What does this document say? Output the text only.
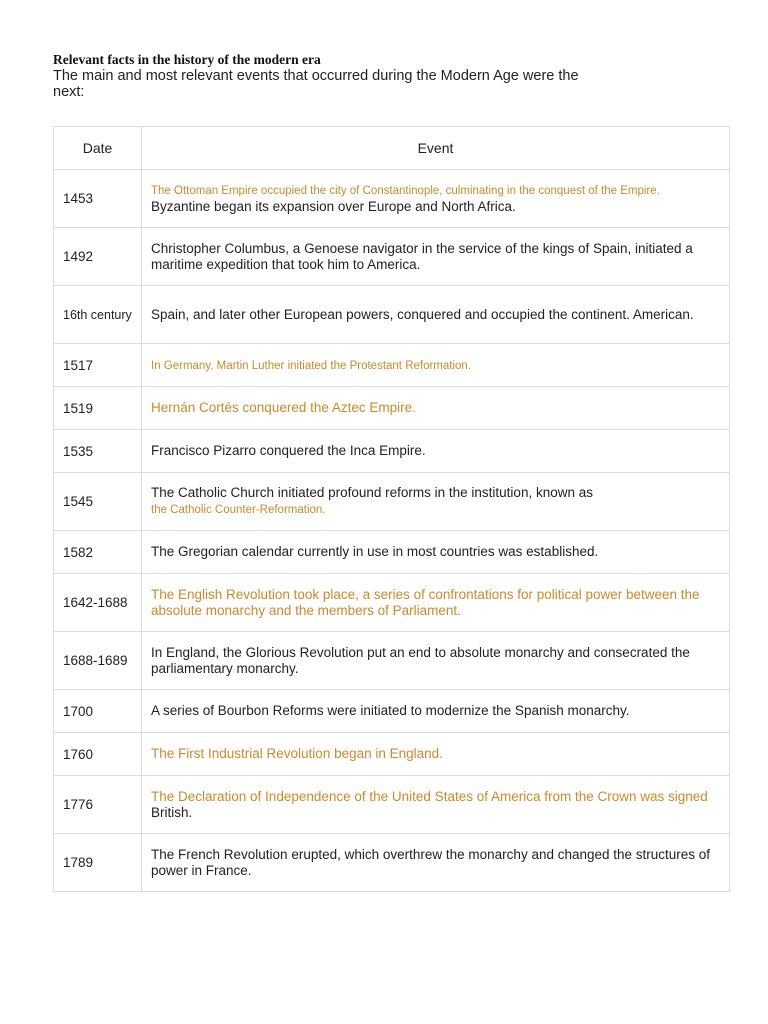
Relevant facts in the history of the modern era

The main and most relevant events that occurred during the Modern Age were the next:

Date	Event
1453	The Ottoman Empire occupied the city of Constantinople, culminating in the conquest of the Empire.
Byzantine began its expansion over Europe and North Africa.
1492	Christopher Columbus, a Genoese navigator in the service of the kings of Spain, initiated a maritime expedition that took him to America.
16th century	Spain, and later other European powers, conquered and occupied the continent. American.
1517	In Germany, Martin Luther initiated the Protestant Reformation.
1519	Hernán Cortés conquered the Aztec Empire.
1535	Francisco Pizarro conquered the Inca Empire.
1545	The Catholic Church initiated profound reforms in the institution, known as
the Catholic Counter-Reformation.
1582	The Gregorian calendar currently in use in most countries was established.
1642-1688	The English Revolution took place, a series of confrontations for political power between the absolute monarchy and the members of Parliament.
1688-1689	In England, the Glorious Revolution put an end to absolute monarchy and consecrated the parliamentary monarchy.
1700	A series of Bourbon Reforms were initiated to modernize the Spanish monarchy.
1760	The First Industrial Revolution began in England.
1776	The Declaration of Independence of the United States of America from the Crown was signed
British.
1789	The French Revolution erupted, which overthrew the monarchy and changed the structures of power in France.
